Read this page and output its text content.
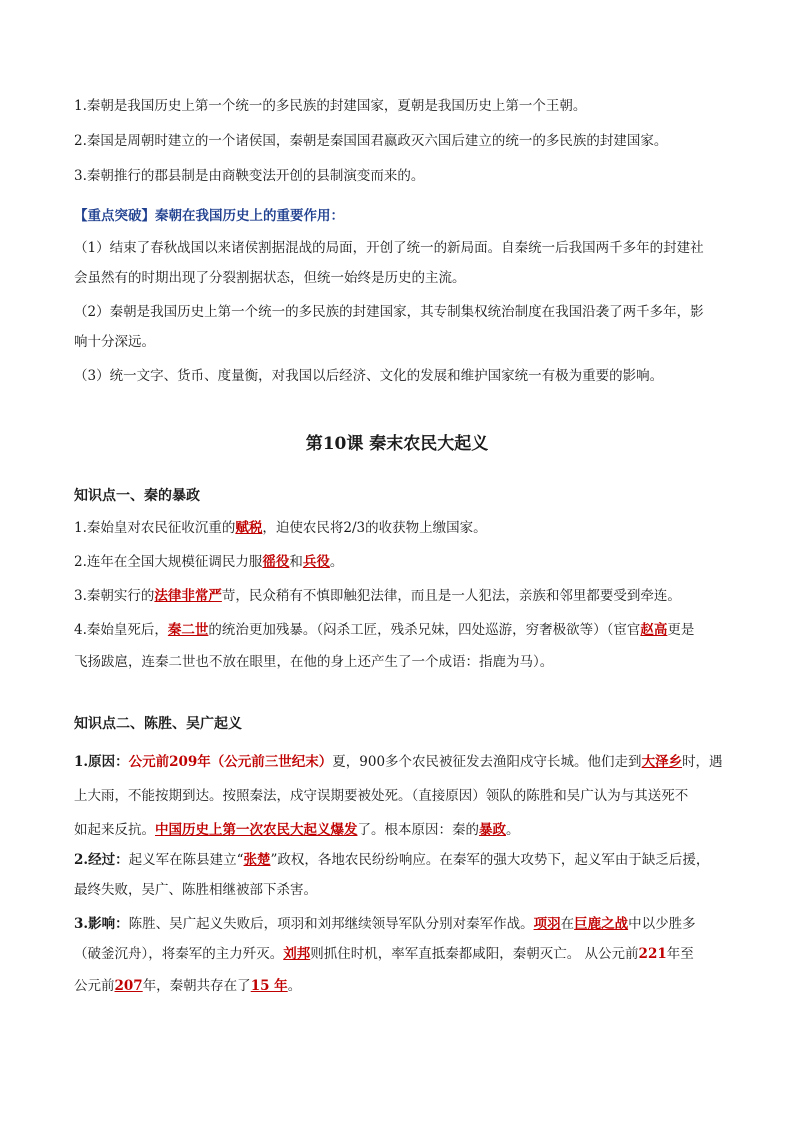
1.秦朝是我国历史上第一个统一的多民族的封建国家，夏朝是我国历史上第一个王朝。
2.秦国是周朝时建立的一个诸侯国，秦朝是秦国国君嬴政灭六国后建立的统一的多民族的封建国家。
3.秦朝推行的郡县制是由商鞅变法开创的县制演变而来的。
【重点突破】秦朝在我国历史上的重要作用：
（1）结束了春秋战国以来诸侯割据混战的局面，开创了统一的新局面。自秦统一后我国两千多年的封建社
会虽然有的时期出现了分裂割据状态，但统一始终是历史的主流。
（2）秦朝是我国历史上第一个统一的多民族的封建国家，其专制集权统治制度在我国沿袭了两千多年，影
响十分深远。
（3）统一文字、货币、度量衡，对我国以后经济、文化的发展和维护国家统一有极为重要的影响。
第10课 秦末农民大起义
知识点一、秦的暴政
1.秦始皇对农民征收沉重的赋税，迫使农民将2/3的收获物上缴国家。
2.连年在全国大规模征调民力服徭役和兵役。
3.秦朝实行的法律非常严苛，民众稍有不慎即触犯法律，而且是一人犯法，亲族和邻里都要受到牵连。
4.秦始皇死后，秦二世的统治更加残暴。（闷杀工匠，残杀兄妹，四处巡游，穷奢极欲等）（宦官赵高更是
飞扬跋扈，连秦二世也不放在眼里，在他的身上还产生了一个成语：指鹿为马）。
知识点二、陈胜、吴广起义
1.原因：公元前209年（公元前三世纪末）夏，900多个农民被征发去渔阳戍守长城。他们走到大泽乡时，遇
上大雨，不能按期到达。按照秦法，戍守误期要被处死。（直接原因）领队的陈胜和吴广认为与其送死不
如起来反抗。中国历史上第一次农民大起义爆发了。根本原因：秦的暴政。
2.经过：起义军在陈县建立“张楚”政权，各地农民纷纷响应。在秦军的强大攻势下，起义军由于缺乏后援，
最终失败，吴广、陈胜相继被部下杀害。
3.影响：陈胜、吴广起义失败后，项羽和刘邦继续领导军队分别对秦军作战。项羽在巨鹿之战中以少胜多
（破釜沉舟），将秦军的主力歼灭。刘邦则抓住时机，率军直抵秦都咸阳，秦朝灭亡。 从公元前221年至
公元前207年，秦朝共存在了15 年。
